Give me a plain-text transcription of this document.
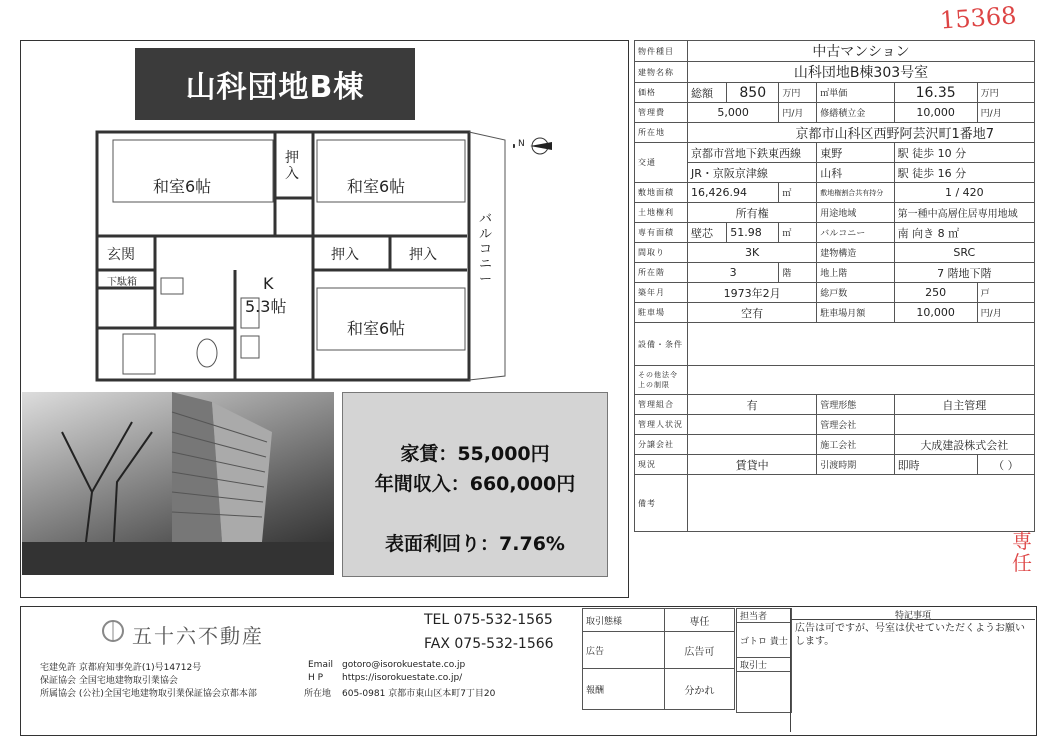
15368
山科団地B棟
和室6帖	和室6帖
和室6帖
押入
押入	押入
玄関
下駄箱	K
5.3帖
バルコニー
N
家賃：55,000円
年間収入：660,000円
表面利回り：7.76%
物件種目	中古マンション					
建物名称	山科団地B棟303号室					
価格	総額	850	万円	㎡単価	16.35	万円
管理費	5,000		円/月	修繕積立金	10,000	円/月
所在地	京都市山科区西野阿芸沢町1番地7					
交通	京都市営地下鉄東西線			東野	駅 徒歩 10 分	
	JR・京阪京津線			山科	駅 徒歩 16 分	
敷地面積	16,426.94		㎡	敷地権割合共有持分	1 / 420	
土地権利	所有権			用途地域	第一種中高層住居専用地域	
専有面積	壁芯	51.98	㎡	バルコニー	南 向き 8 ㎡	
間取り	3K			建物構造	SRC	
所在階	3		階	地上階	7 階地下階	
築年月	1973年2月			総戸数	250	戸
駐車場	空有			駐車場月額	10,000	円/月
設備・条件						
その他法令上の制限						
管理組合	有			管理形態	自主管理	
管理人状況				管理会社		
分譲会社				施工会社	大成建設株式会社	
現況	賃貸中			引渡時期	即時	（ ）
備考						
専任
五十六不動産
TEL 075-532-1565
FAX 075-532-1566
宅建免許 京都府知事免許(1)号14712号
保証協会 全国宅地建物取引業協会
所属協会 (公社)全国宅地建物取引業保証協会京都本部
Email gotoro@isorokuestate.co.jp
H P https://isorokuestate.co.jp/
所在地 605-0981 京都市東山区本町7丁目20
取引態様	専任
広告	広告可
報酬	分かれ
担当者
ゴトロ 貴士
取引士

特記事項
広告は可ですが、号室は伏せていただくようお願いします。
